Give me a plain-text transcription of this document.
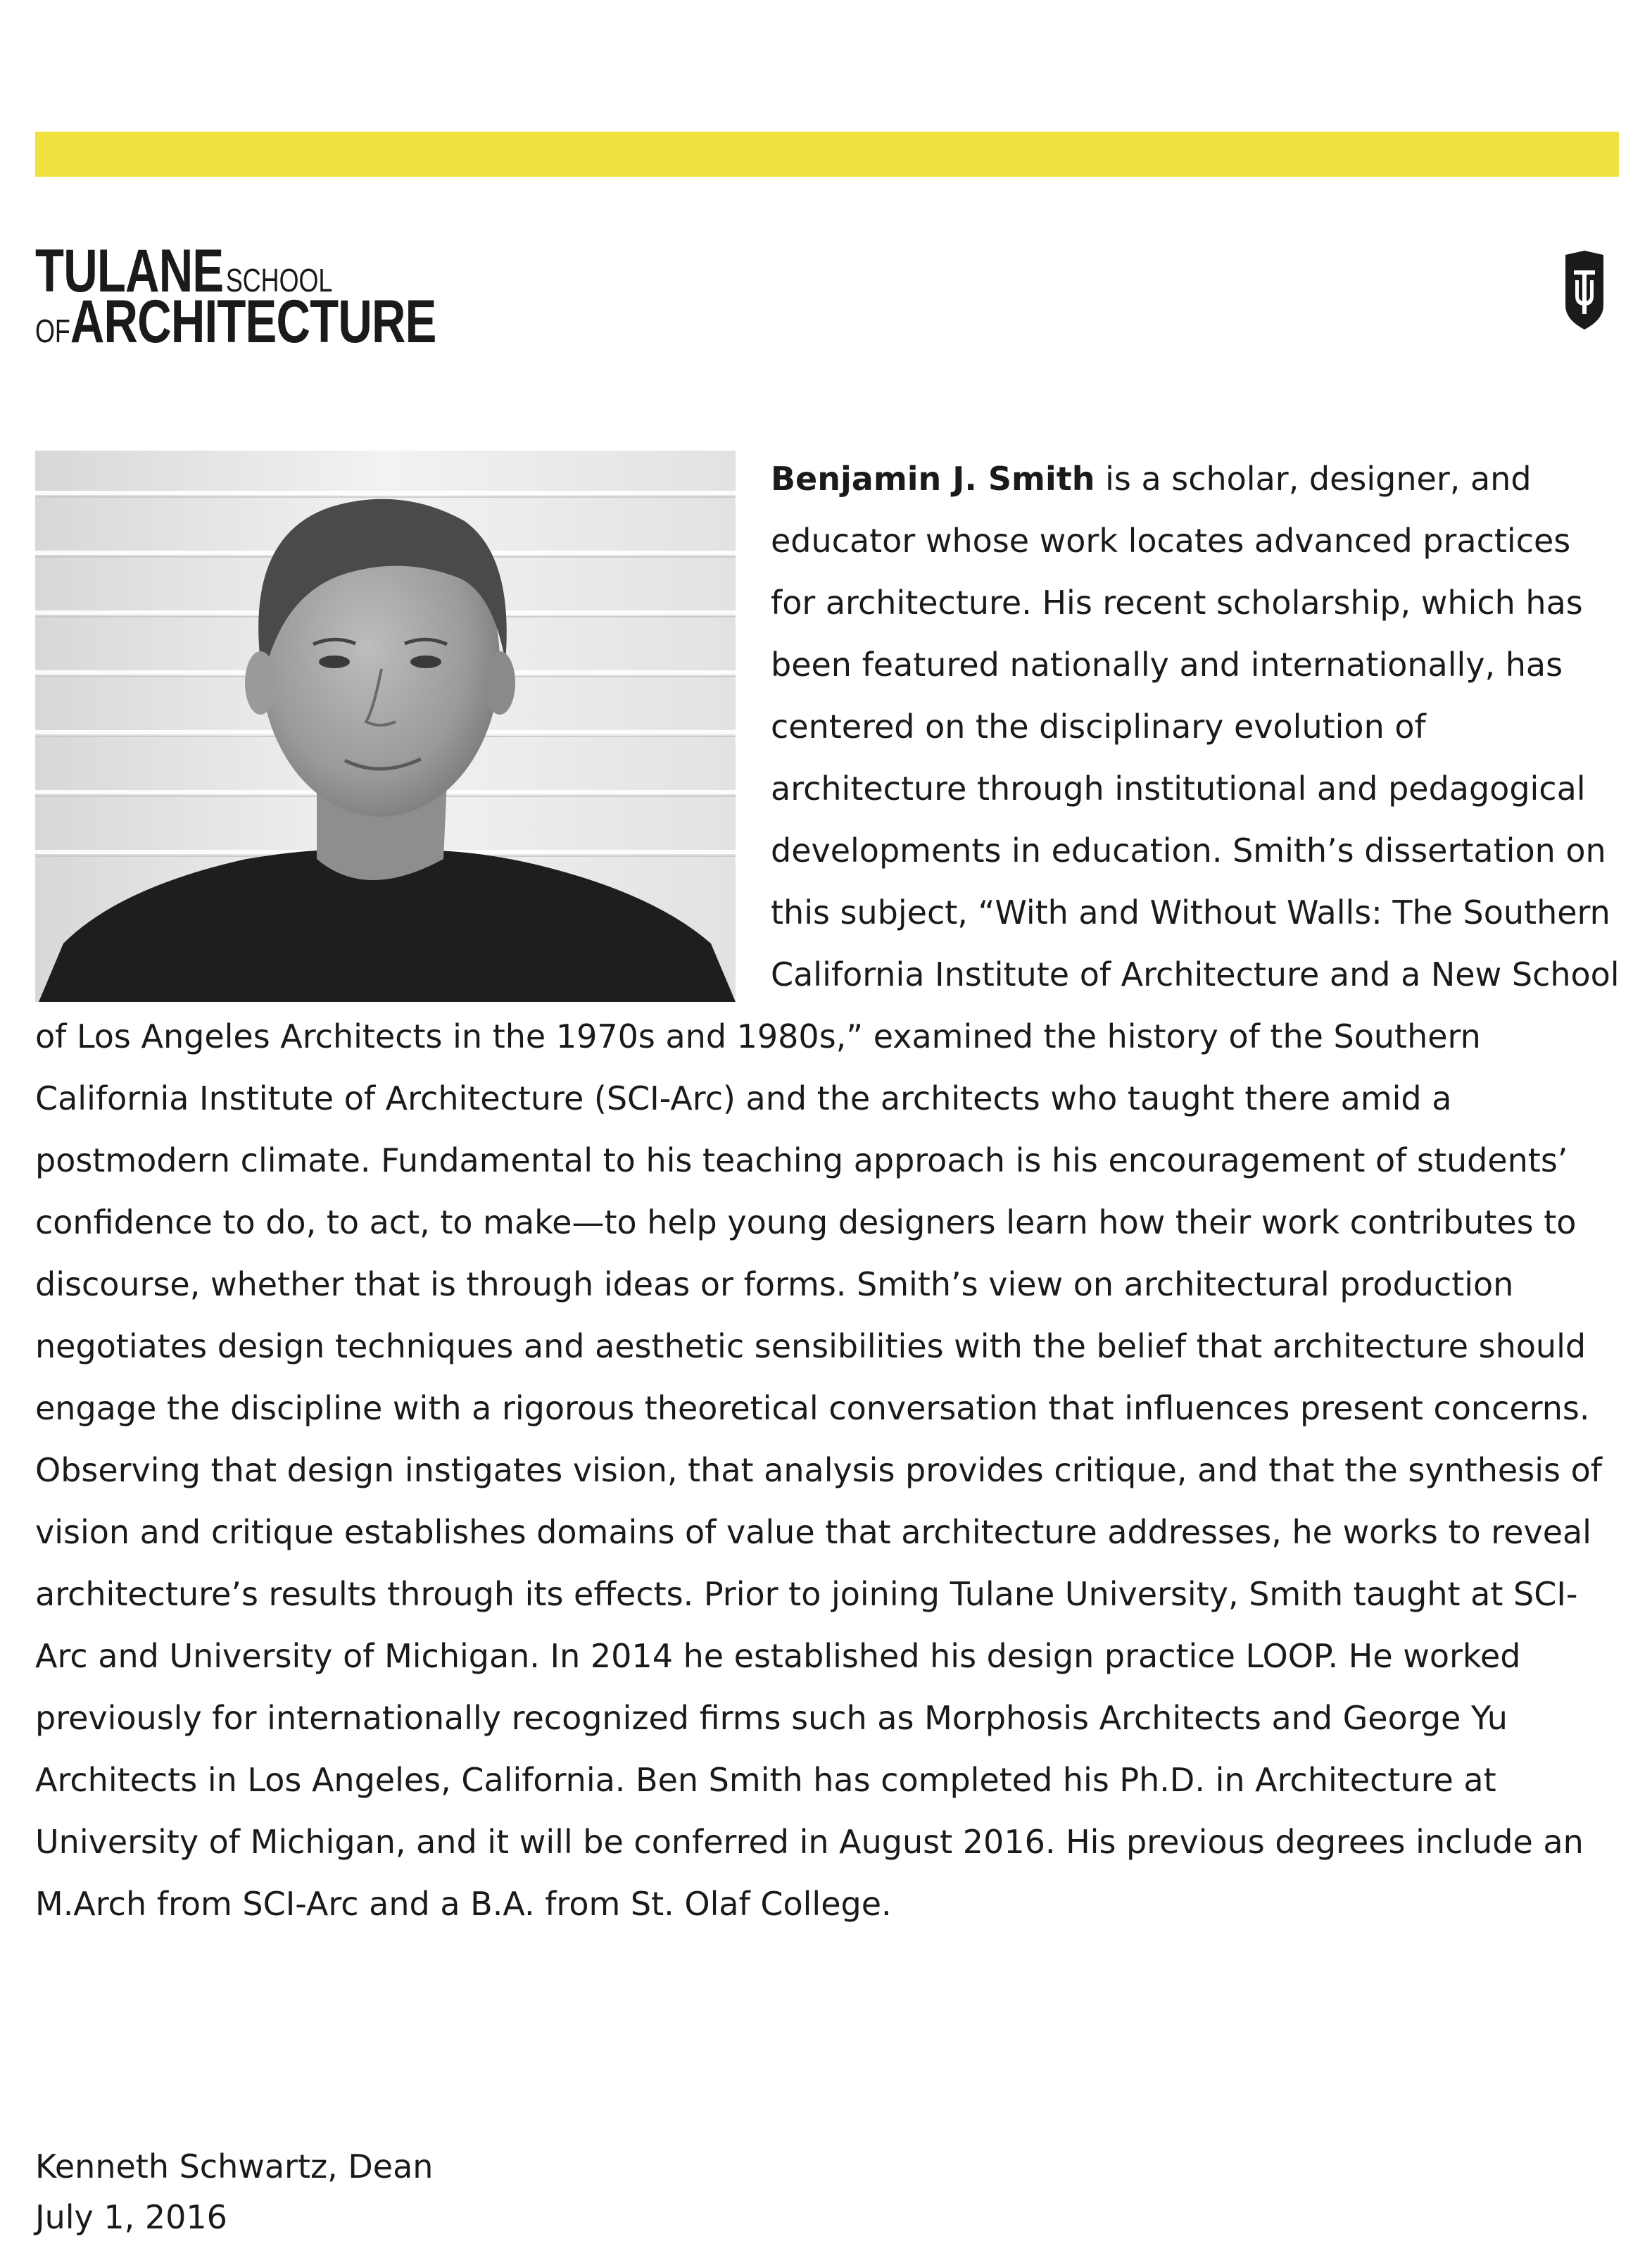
TULANE SCHOOL
OFARCHITECTURE

Benjamin J. Smith is a scholar, designer, and educator whose work locates advanced practices for architecture. His recent scholarship, which has been featured nationally and internationally, has centered on the disciplinary evolution of architecture through institutional and pedagogical developments in education. Smith’s dissertation on this subject, “With and Without Walls: The Southern California Institute of Architecture and a New School of Los Angeles Architects in the 1970s and 1980s,” examined the history of the Southern California Institute of Architecture (SCI-Arc) and the architects who taught there amid a postmodern climate. Fundamental to his teaching approach is his encouragement of students’ confidence to do, to act, to make—to help young designers learn how their work contributes to discourse, whether that is through ideas or forms. Smith’s view on architectural production negotiates design techniques and aesthetic sensibilities with the belief that architecture should engage the discipline with a rigorous theoretical conversation that influences present concerns. Observing that design instigates vision, that analysis provides critique, and that the synthesis of vision and critique establishes domains of value that architecture addresses, he works to reveal architecture’s results through its effects. Prior to joining Tulane University, Smith taught at SCI-Arc and University of Michigan. In 2014 he established his design practice LOOP. He worked previously for internationally recognized firms such as Morphosis Architects and George Yu Architects in Los Angeles, California. Ben Smith has completed his Ph.D. in Architecture at University of Michigan, and it will be conferred in August 2016. His previous degrees include an M.Arch from SCI-Arc and a B.A. from St. Olaf College.

Kenneth Schwartz, Dean
July 1, 2016
